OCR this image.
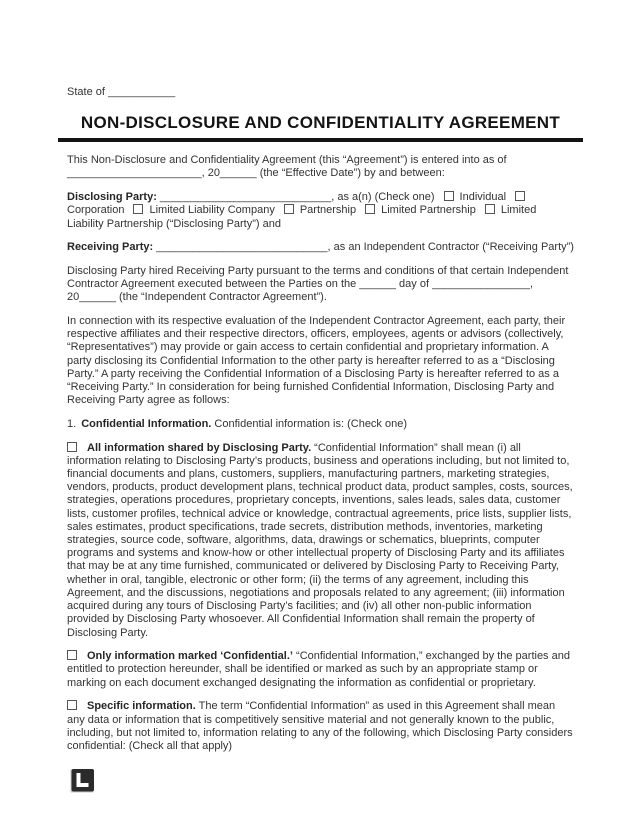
State of ___________

NON-DISCLOSURE AND CONFIDENTIALITY AGREEMENT

This Non-Disclosure and Confidentiality Agreement (this “Agreement”) is entered into as of ______________________, 20______ (the “Effective Date”) by and between:

Disclosing Party: ____________________________, as a(n) (Check one) IndividualCorporation Limited Liability Company Partnership Limited Partnership Limited Liability Partnership (“Disclosing Party”) and

Receiving Party: ____________________________, as an Independent Contractor (“Receiving Party”)

Disclosing Party hired Receiving Party pursuant to the terms and conditions of that certain Independent Contractor Agreement executed between the Parties on the ______ day of ________________, 20______ (the “Independent Contractor Agreement”).

In connection with its respective evaluation of the Independent Contractor Agreement, each party, their respective affiliates and their respective directors, officers, employees, agents or advisors (collectively, “Representatives”) may provide or gain access to certain confidential and proprietary information. A party disclosing its Confidential Information to the other party is hereafter referred to as a “Disclosing Party.” A party receiving the Confidential Information of a Disclosing Party is hereafter referred to as a “Receiving Party.” In consideration for being furnished Confidential Information, Disclosing Party and Receiving Party agree as follows:

1. Confidential Information. Confidential information is: (Check one)

All information shared by Disclosing Party. “Confidential Information” shall mean (i) all information relating to Disclosing Party’s products, business and operations including, but not limited to, financial documents and plans, customers, suppliers, manufacturing partners, marketing strategies, vendors, products, product development plans, technical product data, product samples, costs, sources, strategies, operations procedures, proprietary concepts, inventions, sales leads, sales data, customer lists, customer profiles, technical advice or knowledge, contractual agreements, price lists, supplier lists, sales estimates, product specifications, trade secrets, distribution methods, inventories, marketing strategies, source code, software, algorithms, data, drawings or schematics, blueprints, computer programs and systems and know-how or other intellectual property of Disclosing Party and its affiliates that may be at any time furnished, communicated or delivered by Disclosing Party to Receiving Party, whether in oral, tangible, electronic or other form; (ii) the terms of any agreement, including this Agreement, and the discussions, negotiations and proposals related to any agreement; (iii) information acquired during any tours of Disclosing Party’s facilities; and (iv) all other non-public information provided by Disclosing Party whosoever. All Confidential Information shall remain the property of Disclosing Party.

Only information marked ‘Confidential.’ “Confidential Information,” exchanged by the parties and entitled to protection hereunder, shall be identified or marked as such by an appropriate stamp or marking on each document exchanged designating the information as confidential or proprietary.

Specific information. The term “Confidential Information” as used in this Agreement shall mean any data or information that is competitively sensitive material and not generally known to the public, including, but not limited to, information relating to any of the following, which Disclosing Party considers confidential: (Check all that apply)
